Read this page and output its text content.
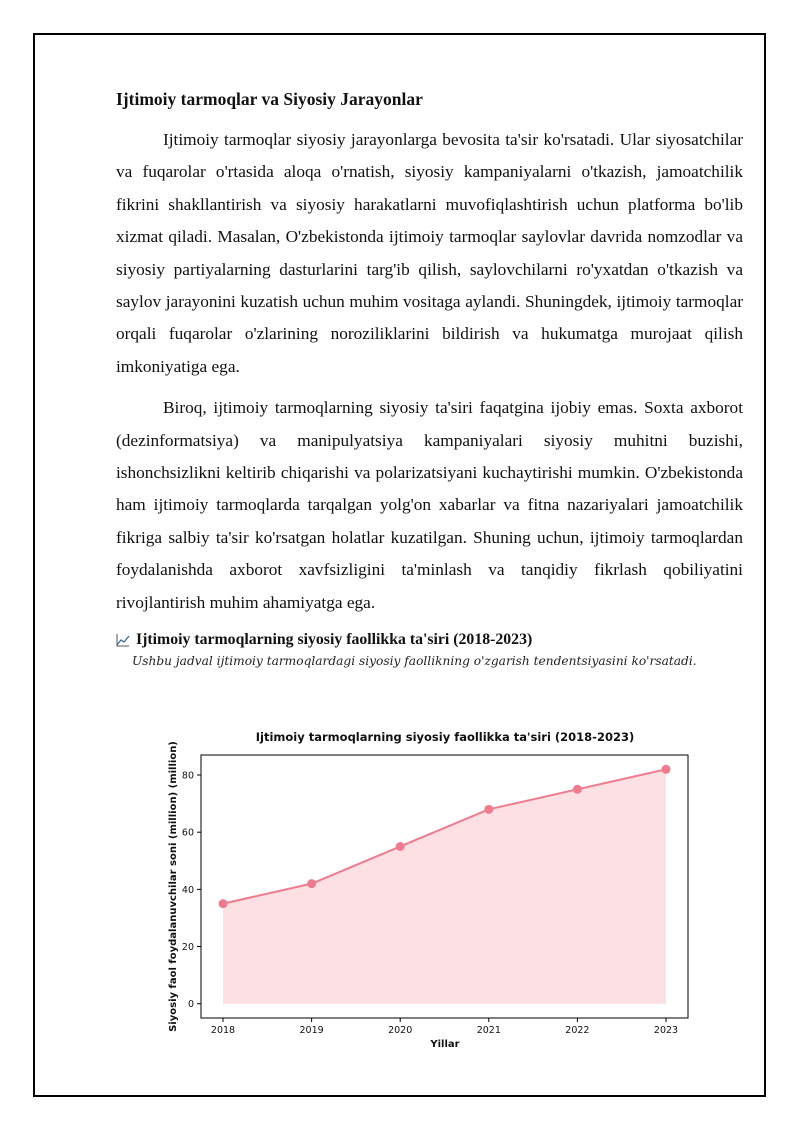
Ijtimoiy tarmoqlar va Siyosiy Jarayonlar

Ijtimoiy tarmoqlar siyosiy jarayonlarga bevosita ta'sir ko'rsatadi. Ular siyosatchilar va fuqarolar o'rtasida aloqa o'rnatish, siyosiy kampaniyalarni o'tkazish, jamoatchilik fikrini shakllantirish va siyosiy harakatlarni muvofiqlashtirish uchun platforma bo'lib xizmat qiladi. Masalan, O'zbekistonda ijtimoiy tarmoqlar saylovlar davrida nomzodlar va siyosiy partiyalarning dasturlarini targ'ib qilish, saylovchilarni ro'yxatdan o'tkazish va saylov jarayonini kuzatish uchun muhim vositaga aylandi. Shuningdek, ijtimoiy tarmoqlar orqali fuqarolar o'zlarining noroziliklarini bildirish va hukumatga murojaat qilish imkoniyatiga ega.

Biroq, ijtimoiy tarmoqlarning siyosiy ta'siri faqatgina ijobiy emas. Soxta axborot (dezinformatsiya) va manipulyatsiya kampaniyalari siyosiy muhitni buzishi, ishonchsizlikni keltirib chiqarishi va polarizatsiyani kuchaytirishi mumkin. O'zbekistonda ham ijtimoiy tarmoqlarda tarqalgan yolg'on xabarlar va fitna nazariyalari jamoatchilik fikriga salbiy ta'sir ko'rsatgan holatlar kuzatilgan. Shuning uchun, ijtimoiy tarmoqlardan foydalanishda axborot xavfsizligini ta'minlash va tanqidiy fikrlash qobiliyatini rivojlantirish muhim ahamiyatga ega.

Ijtimoiy tarmoqlarning siyosiy faollikka ta'siri (2018-2023)
Ushbu jadval ijtimoiy tarmoqlardagi siyosiy faollikning o'zgarish tendentsiyasini ko'rsatadi.
Ijtimoiy tarmoqlarning siyosiy faollikka ta'siri (2018-2023)
Siyosiy faol foydalanuvchilar soni (million) (million)
Yillar
0
20
40
60
80
2018	2019	2020	2021	2022	2023
